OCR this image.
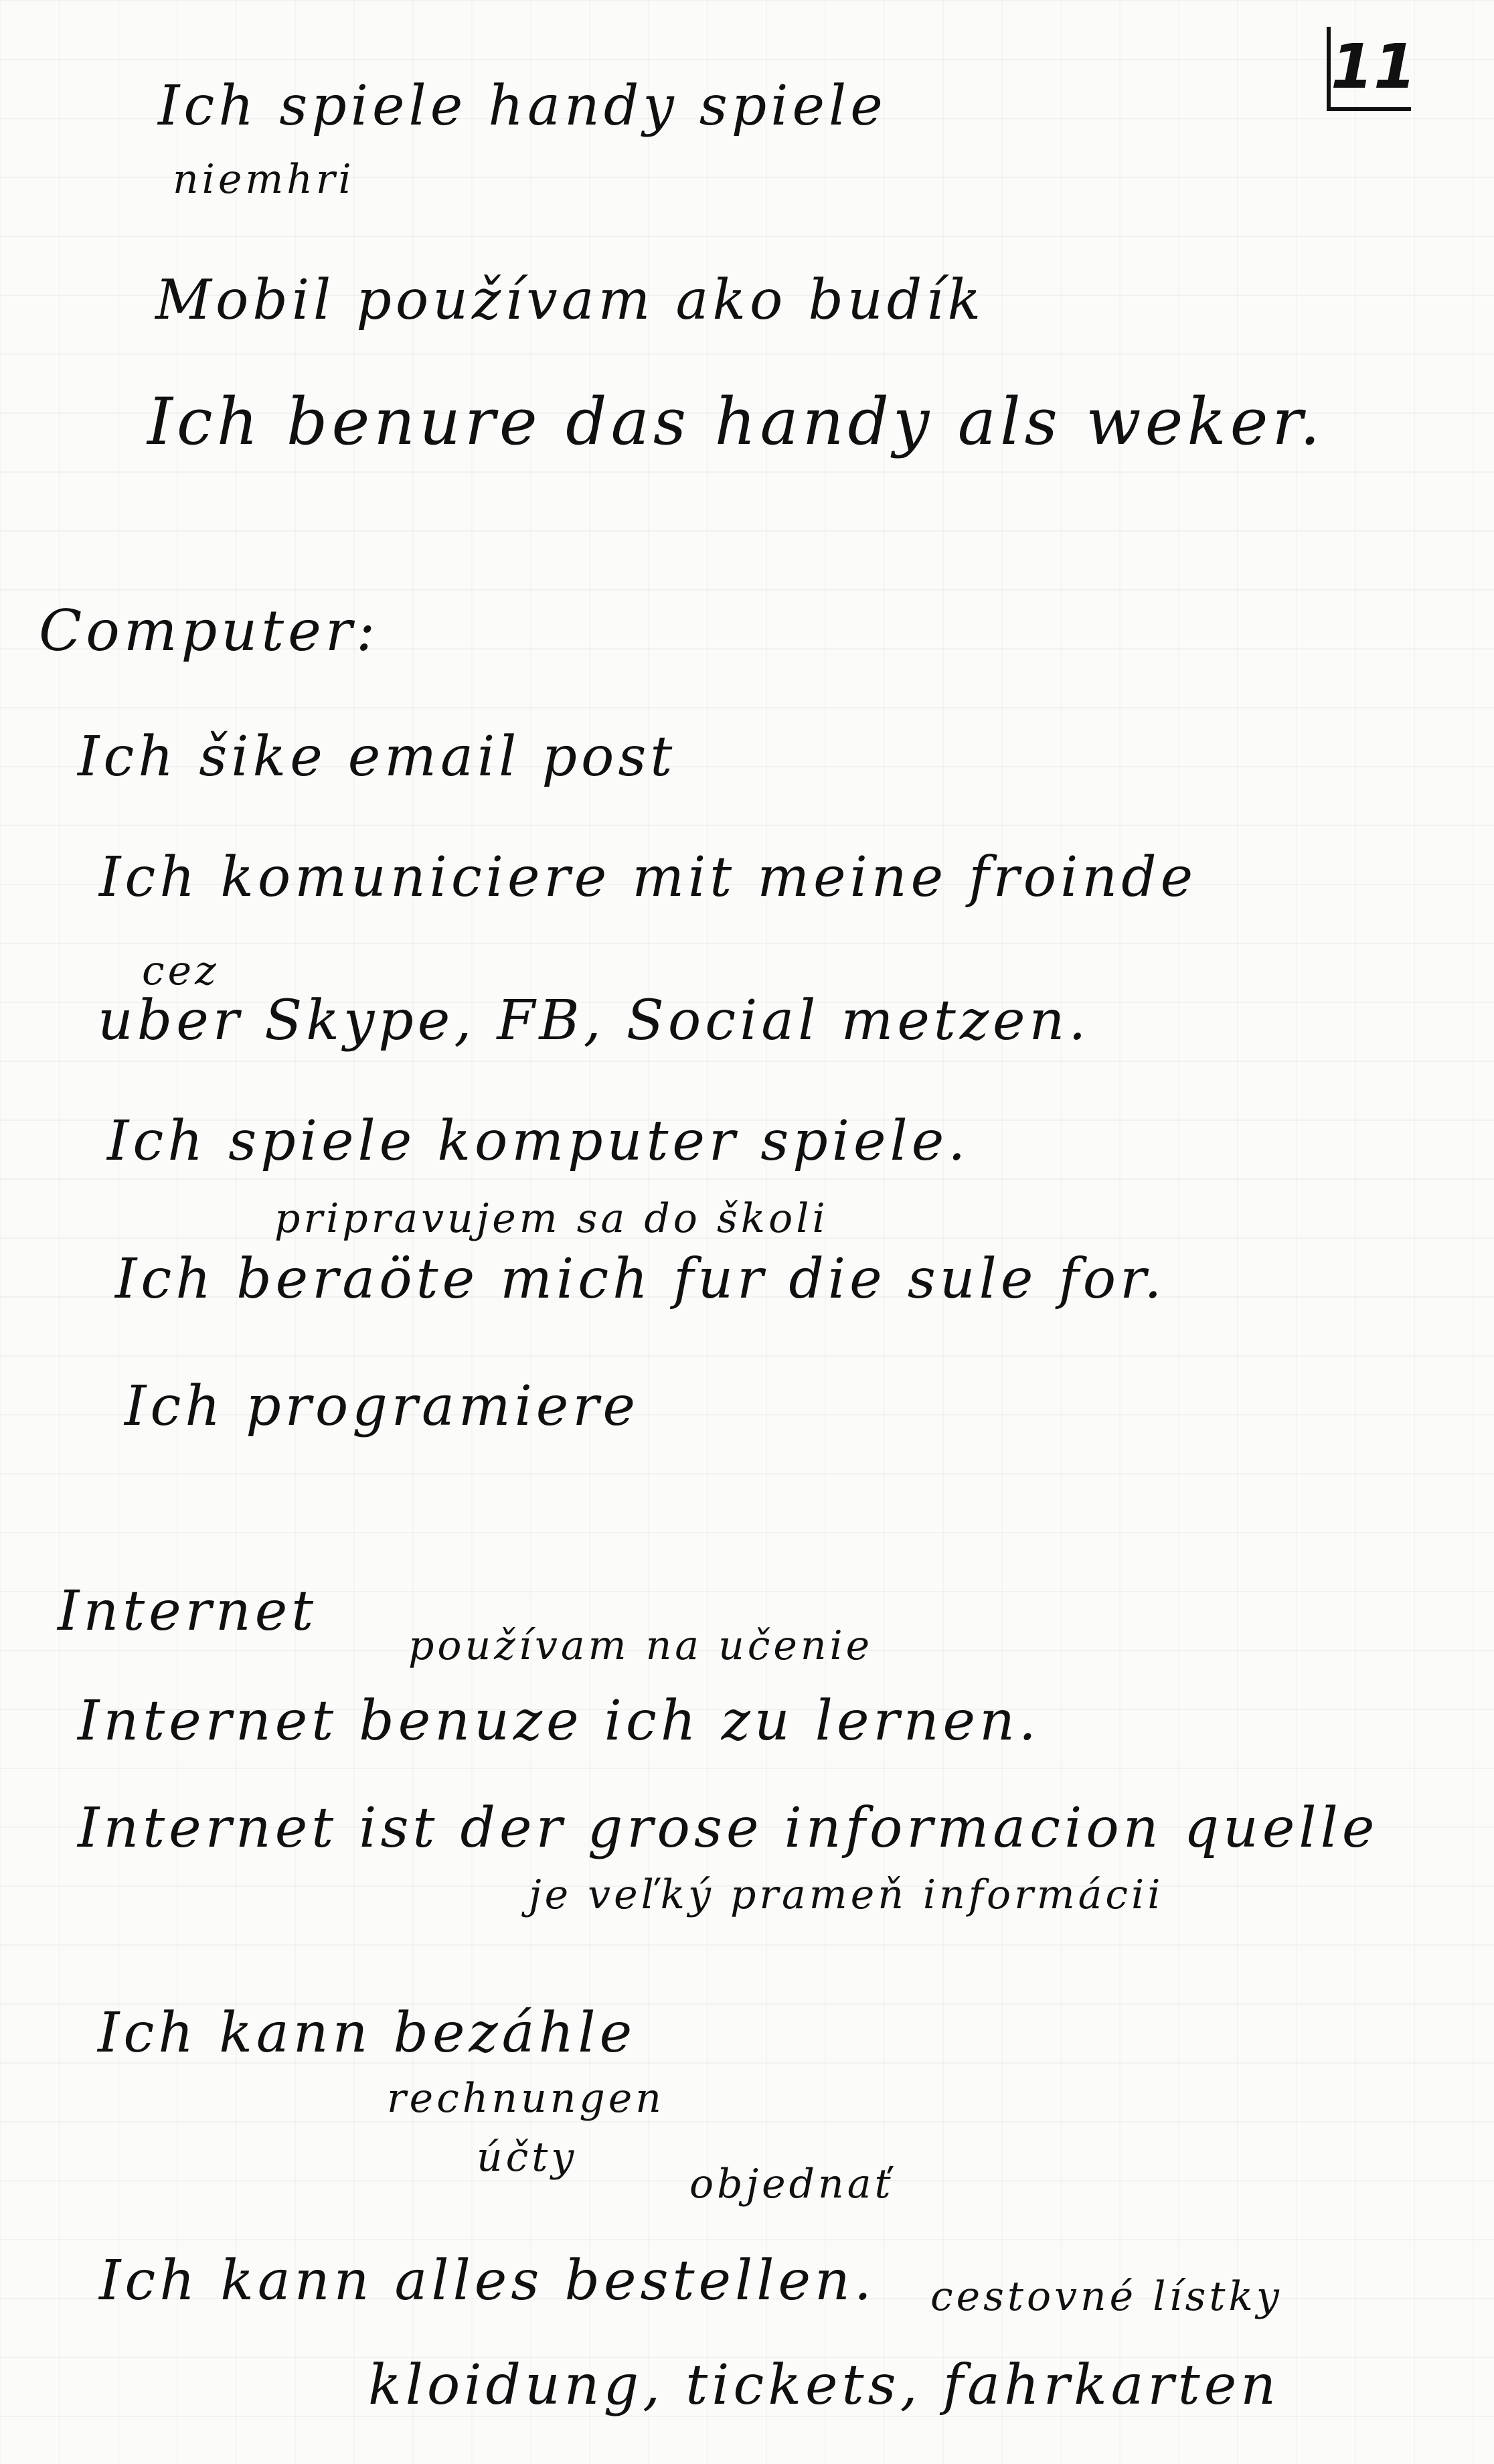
11
Ich spiele handy spiele
niemhri
Mobil používam ako budík
Ich benure das handy als weker.
Computer:
Ich šike email post
Ich komuniciere mit meine froinde
cez
uber Skype, FB, Social metzen.
Ich spiele komputer spiele.
pripravujem sa do školi
Ich beraöte mich fur die sule for.
Ich programiere
Internet
používam na učenie
Internet benuze ich zu lernen.
Internet ist der grose informacion quelle
je veľký prameň informácii
Ich kann bezáhle
rechnungen
účty
objednať
Ich kann alles bestellen. cestovné lístky
kloidung, tickets, fahrkarten
